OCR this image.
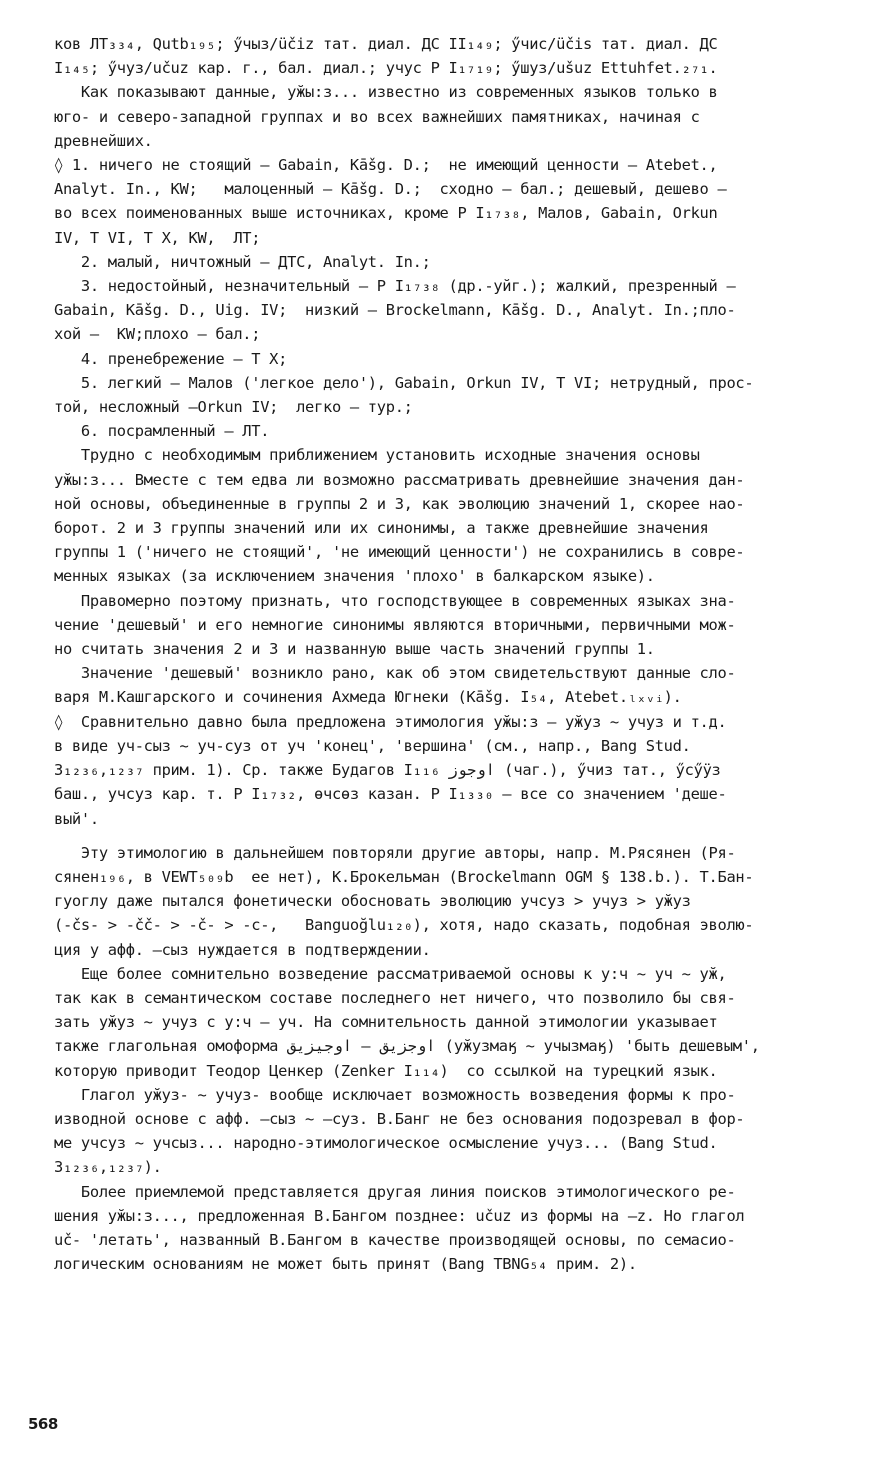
ков ЛТ₃₃₄, Qutb₁₉₅; ӳчыз/üčiz тат. диал. ДС II₁₄₉; ӳчис/üčis тат. диал. ДС
I₁₄₅; ӳчуз/učuz кар. г., бал. диал.; учус Р I₁₇₁₉; ӳшуз/ušuz Ettuhfet.₂₇₁.
Как показывают данные, уӂы:з... известно из современных языков только в
юго- и северо-западной группах и во всех важнейших памятниках, начиная с
древнейших.
◊ 1. ничего не стоящий – Gabain, Kāšg. D.;  не имеющий ценности – Atebet.,
Analyt. In., KW;   малоценный – Kāšg. D.;  сходно – бал.; дешевый, дешево –
во всех поименованных выше источниках, кроме Р I₁₇₃₈, Малов, Gabain, Orkun
IV, Т VI, Т X, KW,  ЛТ;
2. малый, ничтожный – ДТС, Analyt. In.;
3. недостойный, незначительный – Р I₁₇₃₈ (др.-уйг.); жалкий, презренный –
Gabain, Kāšg. D., Uig. IV;  низкий – Brockelmann, Kāšg. D., Analyt. In.;пло-
хой –  KW;плохо – бал.;
4. пренебрежение – Т X;
5. легкий – Малов ('легкое дело'), Gabain, Orkun IV, Т VI; нетрудный, прос-
той, несложный –Orkun IV;  легко – тур.;
6. посрамленный – ЛТ.
Трудно с необходимым приближением установить исходные значения основы
уӂы:з... Вместе с тем едва ли возможно рассматривать древнейшие значения дан-
ной основы, объединенные в группы 2 и 3, как эволюцию значений 1, скорее нао-
борот. 2 и 3 группы значений или их синонимы, а также древнейшие значения
группы 1 ('ничего не стоящий', 'не имеющий ценности') не сохранились в совре-
менных языках (за исключением значения 'плохо' в балкарском языке).
Правомерно поэтому признать, что господствующее в современных языках зна-
чение 'дешевый' и его немногие синонимы являются вторичными, первичными мож-
но считать значения 2 и 3 и названную выше часть значений группы 1.
Значение 'дешевый' возникло рано, как об этом свидетельствуют данные сло-
варя М.Кашгарского и сочинения Ахмеда Югнеки (Kāšg. I₅₄, Atebet.ₗₓᵥᵢ).
◊  Сравнительно давно была предложена этимология уӂы:з – уӂуз ~ учуз и т.д.
в виде уч-сыз ~ уч-суз от уч 'конец', 'вершина' (см., напр., Bang Stud.
З₁₂₃₆,₁₂₃₇ прим. 1). Ср. также Будагов I₁₁₆ اوجوز (чаг.), ӳчиз тат., ӳсӳӱз
баш., учсуз кар. т. Р I₁₇₃₂, өчсөз казан. Р I₁₃₃₀ – все со значением 'деше-
вый'.
Эту этимологию в дальнейшем повторяли другие авторы, напр. М.Рясянен (Ря-
сянен₁₉₆, в VEWT₅₀₉b  ее нет), К.Брокельман (Brockelmann OGM § 138.b.). Т.Бан-
гуоглу даже пытался фонетически обосновать эволюцию учсуз > учуз > уӂуз
(-čs- > -čč- > -č- > -c-,   Banguoğlu₁₂₀), хотя, надо сказать, подобная эволю-
ция у афф. –сыз нуждается в подтверждении.
Еще более сомнительно возведение рассматриваемой основы к у:ч ~ уч ~ уӂ,
так как в семантическом составе последнего нет ничего, что позволило бы свя-
зать уӂуз ~ учуз с у:ч – уч. На сомнительность данной этимологии указывает
также глагольная омоформа اوجزيق – اوجيزيق (уӂузмаӄ ~ учызмаӄ) 'быть дешевым',
которую приводит Теодор Ценкер (Zenker I₁₁₄)  со ссылкой на турецкий язык.
Глагол уӂуз- ~ учуз- вообще исключает возможность возведения формы к про-
изводной основе с афф. –сыз ~ –суз. В.Банг не без основания подозревал в фор-
ме учсуз ~ учсыз... народно-этимологическое осмысление учуз... (Bang Stud.
З₁₂₃₆,₁₂₃₇).
Более приемлемой представляется другая линия поисков этимологического ре-
шения уӂы:з..., предложенная В.Бангом позднее: učuz из формы на –z. Но глагол
uč- 'летать', названный В.Бангом в качестве производящей основы, по семасио-
логическим основаниям не может быть принят (Bang TBNG₅₄ прим. 2).
568
